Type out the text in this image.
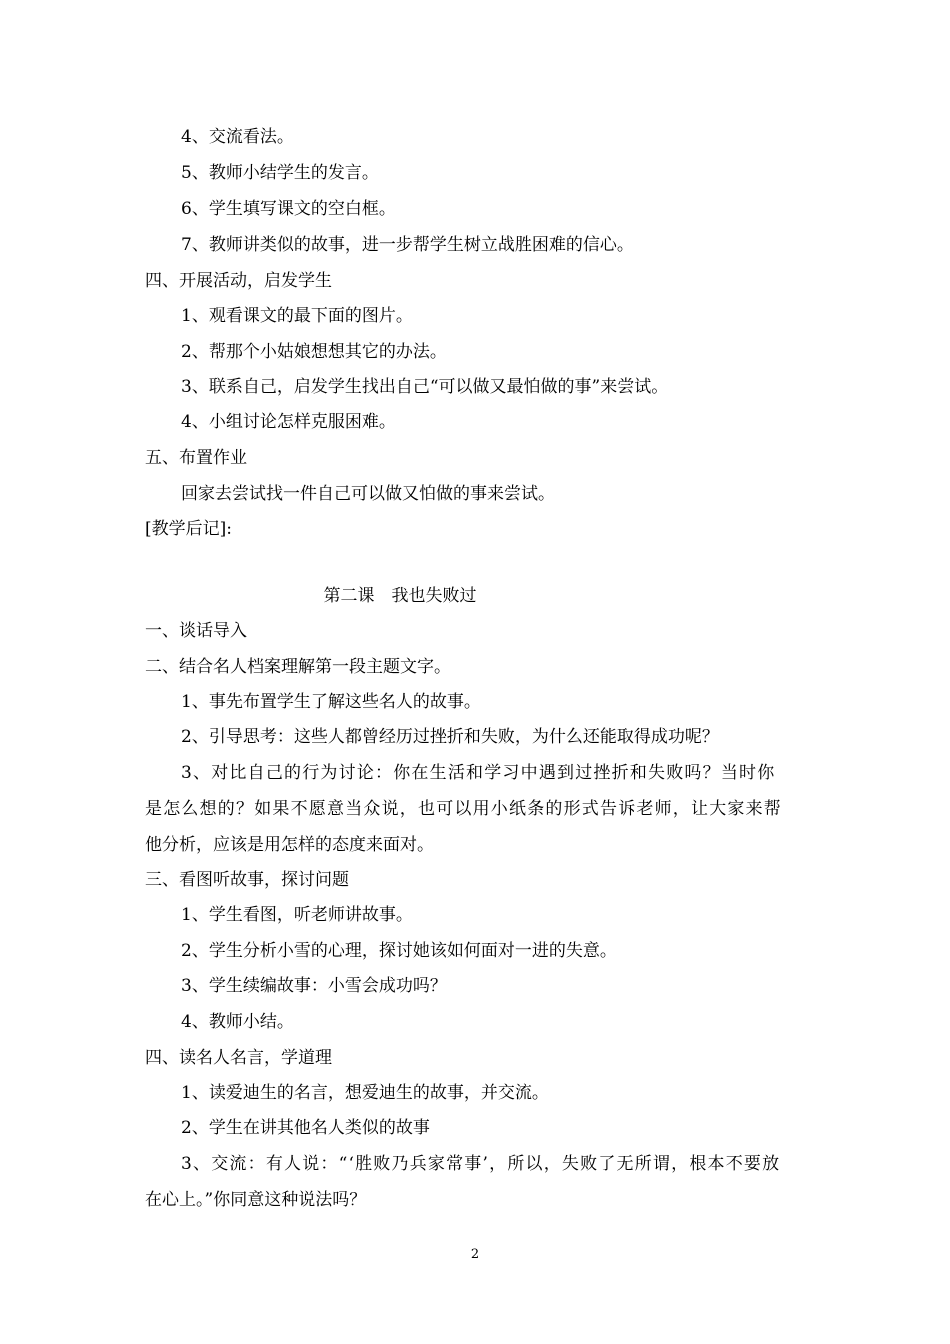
4、交流看法。
5、教师小结学生的发言。
6、学生填写课文的空白框。
7、教师讲类似的故事，进一步帮学生树立战胜困难的信心。
四、开展活动，启发学生
1、观看课文的最下面的图片。
2、帮那个小姑娘想想其它的办法。
3、联系自己，启发学生找出自己“可以做又最怕做的事”来尝试。
4、小组讨论怎样克服困难。
五、布置作业
回家去尝试找一件自己可以做又怕做的事来尝试。
[教学后记]:
第二课　我也失败过
一、谈话导入
二、结合名人档案理解第一段主题文字。
1、事先布置学生了解这些名人的故事。
2、引导思考：这些人都曾经历过挫折和失败，为什么还能取得成功呢？
3、对比自己的行为讨论：你在生活和学习中遇到过挫折和失败吗？当时你
是怎么想的？如果不愿意当众说，也可以用小纸条的形式告诉老师，让大家来帮
他分析，应该是用怎样的态度来面对。
三、看图听故事，探讨问题
1、学生看图，听老师讲故事。
2、学生分析小雪的心理，探讨她该如何面对一进的失意。
3、学生续编故事：小雪会成功吗？
4、教师小结。
四、读名人名言，学道理
1、读爱迪生的名言，想爱迪生的故事，并交流。
2、学生在讲其他名人类似的故事
3、交流：有人说：“‘胜败乃兵家常事’，所以，失败了无所谓，根本不要放
在心上。”你同意这种说法吗？
2
